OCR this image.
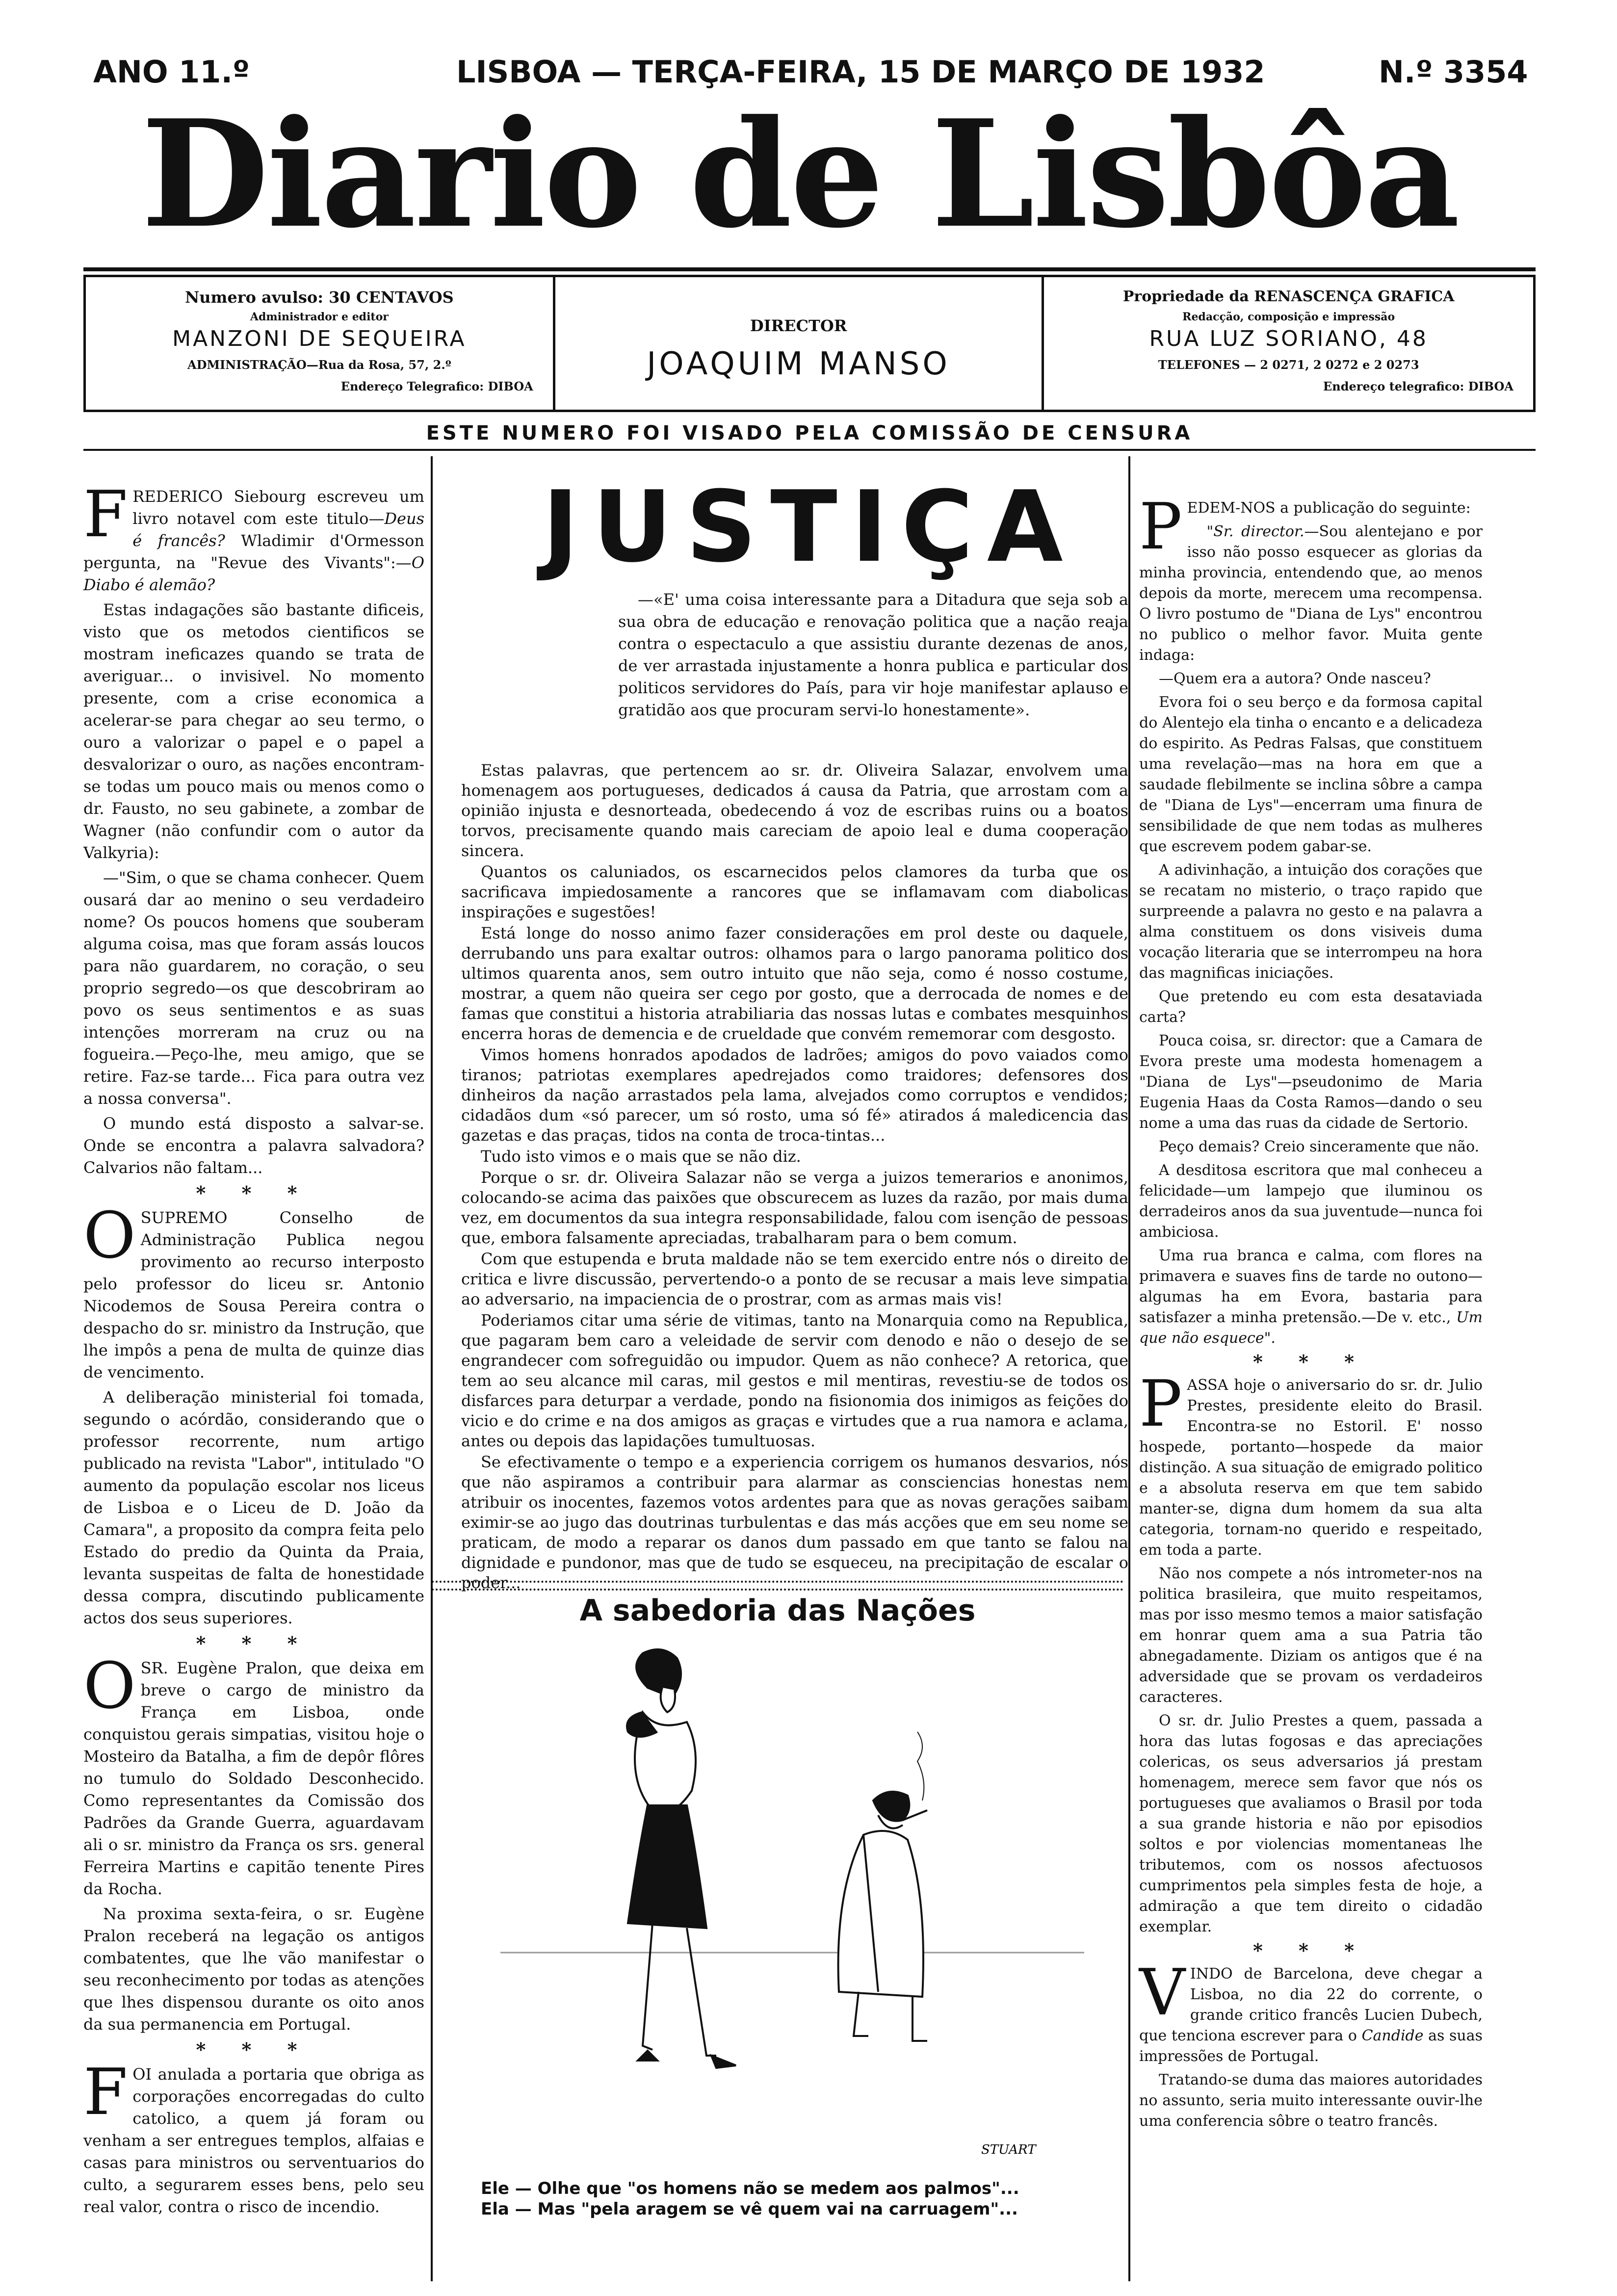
ANO 11.º	LISBOA — TERÇA-FEIRA, 15 DE MARÇO DE 1932	N.º 3354
Diario de Lisbôa
Numero avulso: 30 CENTAVOS
Administrador e editor
MANZONI DE SEQUEIRA
ADMINISTRAÇÃO—Rua da Rosa, 57, 2.º
Endereço Telegrafico: DIBOA
DIRECTOR
JOAQUIM MANSO
Propriedade da RENASCENÇA GRAFICA
Redacção, composição e impressão
RUA LUZ SORIANO, 48
TELEFONES — 2 0271, 2 0272 e 2 0273
Endereço telegrafico: DIBOA
ESTE NUMERO FOI VISADO PELA COMISSÃO DE CENSURA

FREDERICO Siebourg escreveu um livro notavel com este titulo—Deus é francês? Wladimir d'Ormesson pergunta, na "Revue des Vivants":—O Diabo é alemão?

Estas indagações são bastante dificeis, visto que os metodos cientificos se mostram ineficazes quando se trata de averiguar... o invisivel. No momento presente, com a crise economica a acelerar-se para chegar ao seu termo, o ouro a valorizar o papel e o papel a desvalorizar o ouro, as nações encontram-se todas um pouco mais ou menos como o dr. Fausto, no seu gabinete, a zombar de Wagner (não confundir com o autor da Valkyria):

—"Sim, o que se chama conhecer. Quem ousará dar ao menino o seu verdadeiro nome? Os poucos homens que souberam alguma coisa, mas que foram assás loucos para não guardarem, no coração, o seu proprio segredo—os que descobriram ao povo os seus sentimentos e as suas intenções morreram na cruz ou na fogueira.—Peço-lhe, meu amigo, que se retire. Faz-se tarde... Fica para outra vez a nossa conversa".

O mundo está disposto a salvar-se. Onde se encontra a palavra salvadora? Calvarios não faltam...

* * *

OSUPREMO Conselho de Administração Publica negou provimento ao recurso interposto pelo professor do liceu sr. Antonio Nicodemos de Sousa Pereira contra o despacho do sr. ministro da Instrução, que lhe impôs a pena de multa de quinze dias de vencimento.

A deliberação ministerial foi tomada, segundo o acórdão, considerando que o professor recorrente, num artigo publicado na revista "Labor", intitulado "O aumento da população escolar nos liceus de Lisboa e o Liceu de D. João da Camara", a proposito da compra feita pelo Estado do predio da Quinta da Praia, levanta suspeitas de falta de honestidade dessa compra, discutindo publicamente actos dos seus superiores.

* * *

OSR. Eugène Pralon, que deixa em breve o cargo de ministro da França em Lisboa, onde conquistou gerais simpatias, visitou hoje o Mosteiro da Batalha, a fim de depôr flôres no tumulo do Soldado Desconhecido. Como representantes da Comissão dos Padrões da Grande Guerra, aguardavam ali o sr. ministro da França os srs. general Ferreira Martins e capitão tenente Pires da Rocha.

Na proxima sexta-feira, o sr. Eugène Pralon receberá na legação os antigos combatentes, que lhe vão manifestar o seu reconhecimento por todas as atenções que lhes dispensou durante os oito anos da sua permanencia em Portugal.

* * *

FOI anulada a portaria que obriga as corporações encorregadas do culto catolico, a quem já foram ou venham a ser entregues templos, alfaias e casas para ministros ou serventuarios do culto, a segurarem esses bens, pelo seu real valor, contra o risco de incendio.

JUSTIÇA

—«E' uma coisa interessante para a Ditadura que seja sob a sua obra de educação e renovação politica que a nação reaja contra o espectaculo a que assistiu durante dezenas de anos, de ver arrastada injustamente a honra publica e particular dos politicos servidores do País, para vir hoje manifestar aplauso e gratidão aos que procuram servi-lo honestamente».

Estas palavras, que pertencem ao sr. dr. Oliveira Salazar, envolvem uma homenagem aos portugueses, dedicados á causa da Patria, que arrostam com a opinião injusta e desnorteada, obedecendo á voz de escribas ruins ou a boatos torvos, precisamente quando mais careciam de apoio leal e duma cooperação sincera.

Quantos os caluniados, os escarnecidos pelos clamores da turba que os sacrificava impiedosamente a rancores que se inflamavam com diabolicas inspirações e sugestões!

Está longe do nosso animo fazer considerações em prol deste ou daquele, derrubando uns para exaltar outros: olhamos para o largo panorama politico dos ultimos quarenta anos, sem outro intuito que não seja, como é nosso costume, mostrar, a quem não queira ser cego por gosto, que a derrocada de nomes e de famas que constitui a historia atrabiliaria das nossas lutas e combates mesquinhos encerra horas de demencia e de crueldade que convém rememorar com desgosto.

Vimos homens honrados apodados de ladrões; amigos do povo vaiados como tiranos; patriotas exemplares apedrejados como traidores; defensores dos dinheiros da nação arrastados pela lama, alvejados como corruptos e vendidos; cidadãos dum «só parecer, um só rosto, uma só fé» atirados á maledicencia das gazetas e das praças, tidos na conta de troca-tintas...

Tudo isto vimos e o mais que se não diz.

Porque o sr. dr. Oliveira Salazar não se verga a juizos temerarios e anonimos, colocando-se acima das paixões que obscurecem as luzes da razão, por mais duma vez, em documentos da sua integra responsabilidade, falou com isenção de pessoas que, embora falsamente apreciadas, trabalharam para o bem comum.

Com que estupenda e bruta maldade não se tem exercido entre nós o direito de critica e livre discussão, pervertendo-o a ponto de se recusar a mais leve simpatia ao adversario, na impaciencia de o prostrar, com as armas mais vis!

Poderiamos citar uma série de vitimas, tanto na Monarquia como na Republica, que pagaram bem caro a veleidade de servir com denodo e não o desejo de se engrandecer com sofreguidão ou impudor. Quem as não conhece? A retorica, que tem ao seu alcance mil caras, mil gestos e mil mentiras, revestiu-se de todos os disfarces para deturpar a verdade, pondo na fisionomia dos inimigos as feições do vicio e do crime e na dos amigos as graças e virtudes que a rua namora e aclama, antes ou depois das lapidações tumultuosas.

Se efectivamente o tempo e a experiencia corrigem os humanos desvarios, nós que não aspiramos a contribuir para alarmar as consciencias honestas nem atribuir os inocentes, fazemos votos ardentes para que as novas gerações saibam eximir-se ao jugo das doutrinas turbulentas e das más acções que em seu nome se praticam, de modo a reparar os danos dum passado em que tanto se falou na dignidade e pundonor, mas que de tudo se esqueceu, na precipitação de escalar o poder...

A sabedoria das Nações
STUART
Ele — Olhe que "os homens não se medem aos palmos"...
Ela — Mas "pela aragem se vê quem vai na carruagem"...

PEDEM-NOS a publicação do seguinte:

"Sr. director.—Sou alentejano e por isso não posso esquecer as glorias da minha provincia, entendendo que, ao menos depois da morte, merecem uma recompensa. O livro postumo de "Diana de Lys" encontrou no publico o melhor favor. Muita gente indaga:

—Quem era a autora? Onde nasceu?

Evora foi o seu berço e da formosa capital do Alentejo ela tinha o encanto e a delicadeza do espirito. As Pedras Falsas, que constituem uma revelação—mas na hora em que a saudade flebilmente se inclina sôbre a campa de "Diana de Lys"—encerram uma finura de sensibilidade de que nem todas as mulheres que escrevem podem gabar-se.

A adivinhação, a intuição dos corações que se recatam no misterio, o traço rapido que surpreende a palavra no gesto e na palavra a alma constituem os dons visiveis duma vocação literaria que se interrompeu na hora das magnificas iniciações.

Que pretendo eu com esta desataviada carta?

Pouca coisa, sr. director: que a Camara de Evora preste uma modesta homenagem a "Diana de Lys"—pseudonimo de Maria Eugenia Haas da Costa Ramos—dando o seu nome a uma das ruas da cidade de Sertorio.

Peço demais? Creio sinceramente que não.

A desditosa escritora que mal conheceu a felicidade—um lampejo que iluminou os derradeiros anos da sua juventude—nunca foi ambiciosa.

Uma rua branca e calma, com flores na primavera e suaves fins de tarde no outono—algumas ha em Evora, bastaria para satisfazer a minha pretensão.—De v. etc., Um que não esquece".

* * *

PASSA hoje o aniversario do sr. dr. Julio Prestes, presidente eleito do Brasil. Encontra-se no Estoril. E' nosso hospede, portanto—hospede da maior distinção. A sua situação de emigrado politico e a absoluta reserva em que tem sabido manter-se, digna dum homem da sua alta categoria, tornam-no querido e respeitado, em toda a parte.

Não nos compete a nós intrometer-nos na politica brasileira, que muito respeitamos, mas por isso mesmo temos a maior satisfação em honrar quem ama a sua Patria tão abnegadamente. Diziam os antigos que é na adversidade que se provam os verdadeiros caracteres.

O sr. dr. Julio Prestes a quem, passada a hora das lutas fogosas e das apreciações colericas, os seus adversarios já prestam homenagem, merece sem favor que nós os portugueses que avaliamos o Brasil por toda a sua grande historia e não por episodios soltos e por violencias momentaneas lhe tributemos, com os nossos afectuosos cumprimentos pela simples festa de hoje, a admiração a que tem direito o cidadão exemplar.

* * *

VINDO de Barcelona, deve chegar a Lisboa, no dia 22 do corrente, o grande critico francês Lucien Dubech, que tenciona escrever para o Candide as suas impressões de Portugal.

Tratando-se duma das maiores autoridades no assunto, seria muito interessante ouvir-lhe uma conferencia sôbre o teatro francês.
